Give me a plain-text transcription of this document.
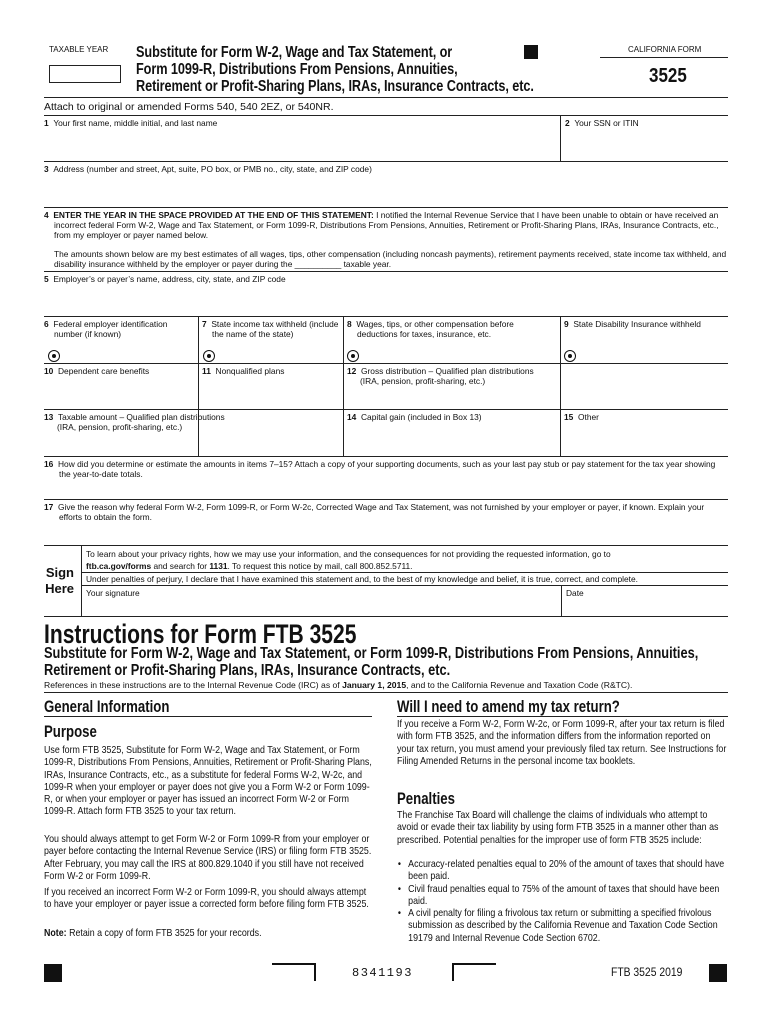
TAXABLE YEAR Substitute for Form W-2, Wage and Tax Statement, or
Form 1099-R, Distributions From Pensions, Annuities,
Retirement or Profit-Sharing Plans, IRAs, Insurance Contracts, etc.
CALIFORNIA FORM
3525
Attach to original or amended Forms 540, 540 2EZ, or 540NR.
1 Your first name, middle initial, and last name	2 Your SSN or ITIN
3 Address (number and street, Apt, suite, PO box, or PMB no., city, state, and ZIP code)
4 ENTER THE YEAR IN THE SPACE PROVIDED AT THE END OF THIS STATEMENT: I notified the Internal Revenue Service that I have been unable to obtain or have received an incorrect federal Form W-2, Wage and Tax Statement, or Form 1099-R, Distributions From Pensions, Annuities, Retirement or Profit-Sharing Plans, IRAs, Insurance Contracts, etc., from my employer or payer named below.
The amounts shown below are my best estimates of all wages, tips, other compensation (including noncash payments), retirement payments received, state income tax withheld, and disability insurance withheld by the employer or payer during the __________ taxable year.
5 Employer’s or payer’s name, address, city, state, and ZIP code
6 Federal employer identification number (if known)
7 State income tax withheld (include the name of the state)
8 Wages, tips, or other compensation before deductions for taxes, insurance, etc.
9 State Disability Insurance withheld
10 Dependent care benefits	11 Nonqualified plans	12 Gross distribution – Qualified plan distributions (IRA, pension, profit-sharing, etc.)
13 Taxable amount – Qualified plan distributions (IRA, pension, profit-sharing, etc.)
14 Capital gain (included in Box 13)	15 Other
16 How did you determine or estimate the amounts in items 7–15? Attach a copy of your supporting documents, such as your last pay stub or pay statement for the tax year showing the year-to-date totals.
17 Give the reason why federal Form W-2, Form 1099-R, or Form W-2c, Corrected Wage and Tax Statement, was not furnished by your employer or payer, if known. Explain your efforts to obtain the form.
Sign
Here
To learn about your privacy rights, how we may use your information, and the consequences for not providing the requested information, go to
ftb.ca.gov/forms and search for 1131. To request this notice by mail, call 800.852.5711.
Under penalties of perjury, I declare that I have examined this statement and, to the best of my knowledge and belief, it is true, correct, and complete.
Your signature	Date
Instructions for Form FTB 3525
Substitute for Form W-2, Wage and Tax Statement, or Form 1099-R, Distributions From Pensions, Annuities,
Retirement or Profit-Sharing Plans, IRAs, Insurance Contracts, etc.
References in these instructions are to the Internal Revenue Code (IRC) as of January 1, 2015, and to the California Revenue and Taxation Code (R&TC).
General Information
Purpose
Use form FTB 3525, Substitute for Form W-2, Wage and Tax Statement, or Form 1099-R, Distributions From Pensions, Annuities, Retirement or Profit-Sharing Plans, IRAs, Insurance Contracts, etc., as a substitute for federal Forms W-2, W-2c, and 1099-R when your employer or payer does not give you a Form W-2 or Form 1099-R, or when your employer or payer has issued an incorrect Form W-2 or Form 1099-R. Attach form FTB 3525 to your tax return.
You should always attempt to get Form W-2 or Form 1099-R from your employer or payer before contacting the Internal Revenue Service (IRS) or filing form FTB 3525. After February, you may call the IRS at 800.829.1040 if you still have not received Form W-2 or Form 1099-R.
If you received an incorrect Form W-2 or Form 1099-R, you should always attempt to have your employer or payer issue a corrected form before filing form FTB 3525.
Note: Retain a copy of form FTB 3525 for your records.
Will I need to amend my tax return?
If you receive a Form W-2, Form W-2c, or Form 1099-R, after your tax return is filed with form FTB 3525, and the information differs from the information reported on your tax return, you must amend your previously filed tax return. See Instructions for Filing Amended Returns in the personal income tax booklets.
Penalties
The Franchise Tax Board will challenge the claims of individuals who attempt to avoid or evade their tax liability by using form FTB 3525 in a manner other than as prescribed. Potential penalties for the improper use of form FTB 3525 include:
• Accuracy-related penalties equal to 20% of the amount of taxes that should have been paid.
• Civil fraud penalties equal to 75% of the amount of taxes that should have been paid.
• A civil penalty for filing a frivolous tax return or submitting a specified frivolous submission as described by the California Revenue and Taxation Code Section 19179 and Internal Revenue Code Section 6702.
8341193	FTB 3525 2019
